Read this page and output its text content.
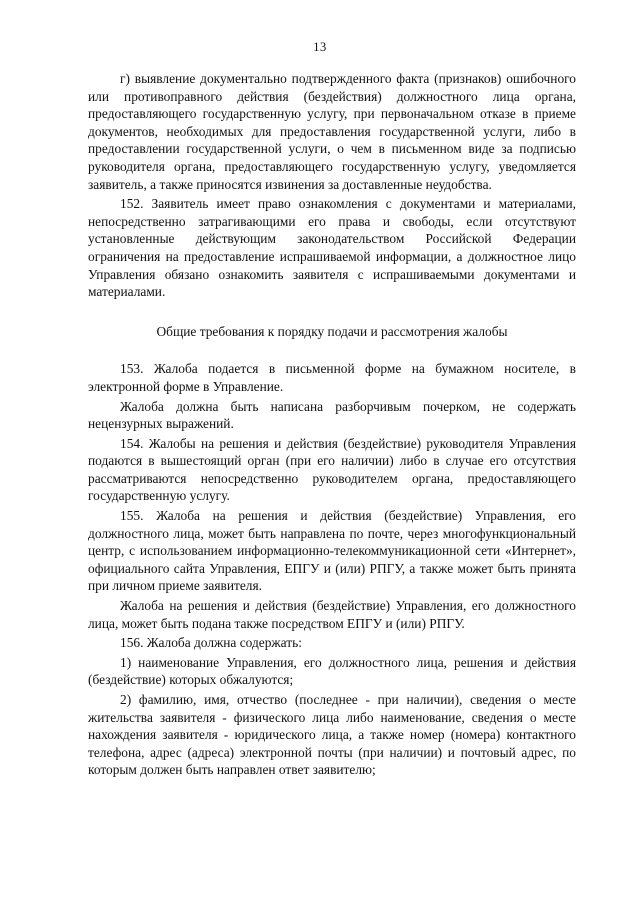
13

г) выявление документально подтвержденного факта (признаков) ошибочного или противоправного действия (бездействия) должностного лица органа, предоставляющего государственную услугу, при первоначальном отказе в приеме документов, необходимых для предоставления государственной услуги, либо в предоставлении государственной услуги, о чем в письменном виде за подписью руководителя органа, предоставляющего государственную услугу, уведомляется заявитель, а также приносятся извинения за доставленные неудобства.

152. Заявитель имеет право ознакомления с документами и материалами, непосредственно затрагивающими его права и свободы, если отсутствуют установленные действующим законодательством Российской Федерации ограничения на предоставление испрашиваемой информации, а должностное лицо Управления обязано ознакомить заявителя с испрашиваемыми документами и материалами.

Общие требования к порядку подачи и рассмотрения жалобы

153. Жалоба подается в письменной форме на бумажном носителе, в электронной форме в Управление.

Жалоба должна быть написана разборчивым почерком, не содержать нецензурных выражений.

154. Жалобы на решения и действия (бездействие) руководителя Управления подаются в вышестоящий орган (при его наличии) либо в случае его отсутствия рассматриваются непосредственно руководителем органа, предоставляющего государственную услугу.

155. Жалоба на решения и действия (бездействие) Управления, его должностного лица, может быть направлена по почте, через многофункциональный центр, с использованием информационно-телекоммуникационной сети «Интернет», официального сайта Управления, ЕПГУ и (или) РПГУ, а также может быть принята при личном приеме заявителя.

Жалоба на решения и действия (бездействие) Управления, его должностного лица, может быть подана также посредством ЕПГУ и (или) РПГУ.

156. Жалоба должна содержать:

1) наименование Управления, его должностного лица, решения и действия (бездействие) которых обжалуются;

2) фамилию, имя, отчество (последнее - при наличии), сведения о месте жительства заявителя - физического лица либо наименование, сведения о месте нахождения заявителя - юридического лица, а также номер (номера) контактного телефона, адрес (адреса) электронной почты (при наличии) и почтовый адрес, по которым должен быть направлен ответ заявителю;
